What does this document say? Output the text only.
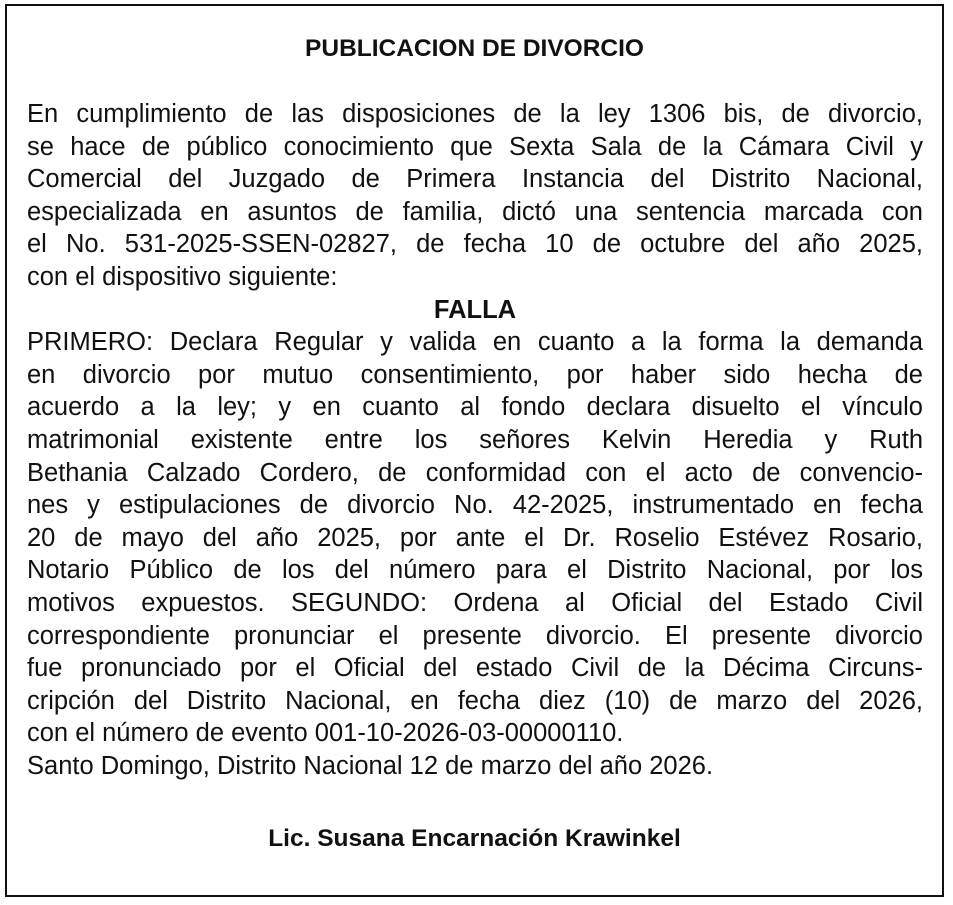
PUBLICACION DE DIVORCIO
En cumplimiento de las disposiciones de la ley 1306 bis, de divorcio,
se hace de público conocimiento que Sexta Sala de la Cámara Civil y
Comercial del Juzgado de Primera Instancia del Distrito Nacional,
especializada en asuntos de familia, dictó una sentencia marcada con
el No. 531-2025-SSEN-02827, de fecha 10 de octubre del año 2025,
con el dispositivo siguiente:
FALLA
PRIMERO: Declara Regular y valida en cuanto a la forma la demanda
en divorcio por mutuo consentimiento, por haber sido hecha de
acuerdo a la ley; y en cuanto al fondo declara disuelto el vínculo
matrimonial existente entre los señores Kelvin Heredia y Ruth
Bethania Calzado Cordero, de conformidad con el acto de convencio-
nes y estipulaciones de divorcio No. 42-2025, instrumentado en fecha
20 de mayo del año 2025, por ante el Dr. Roselio Estévez Rosario,
Notario Público de los del número para el Distrito Nacional, por los
motivos expuestos. SEGUNDO: Ordena al Oficial del Estado Civil
correspondiente pronunciar el presente divorcio. El presente divorcio
fue pronunciado por el Oficial del estado Civil de la Décima Circuns-
cripción del Distrito Nacional, en fecha diez (10) de marzo del 2026,
con el número de evento 001-10-2026-03-00000110.
Santo Domingo, Distrito Nacional 12 de marzo del año 2026.
Lic. Susana Encarnación Krawinkel
